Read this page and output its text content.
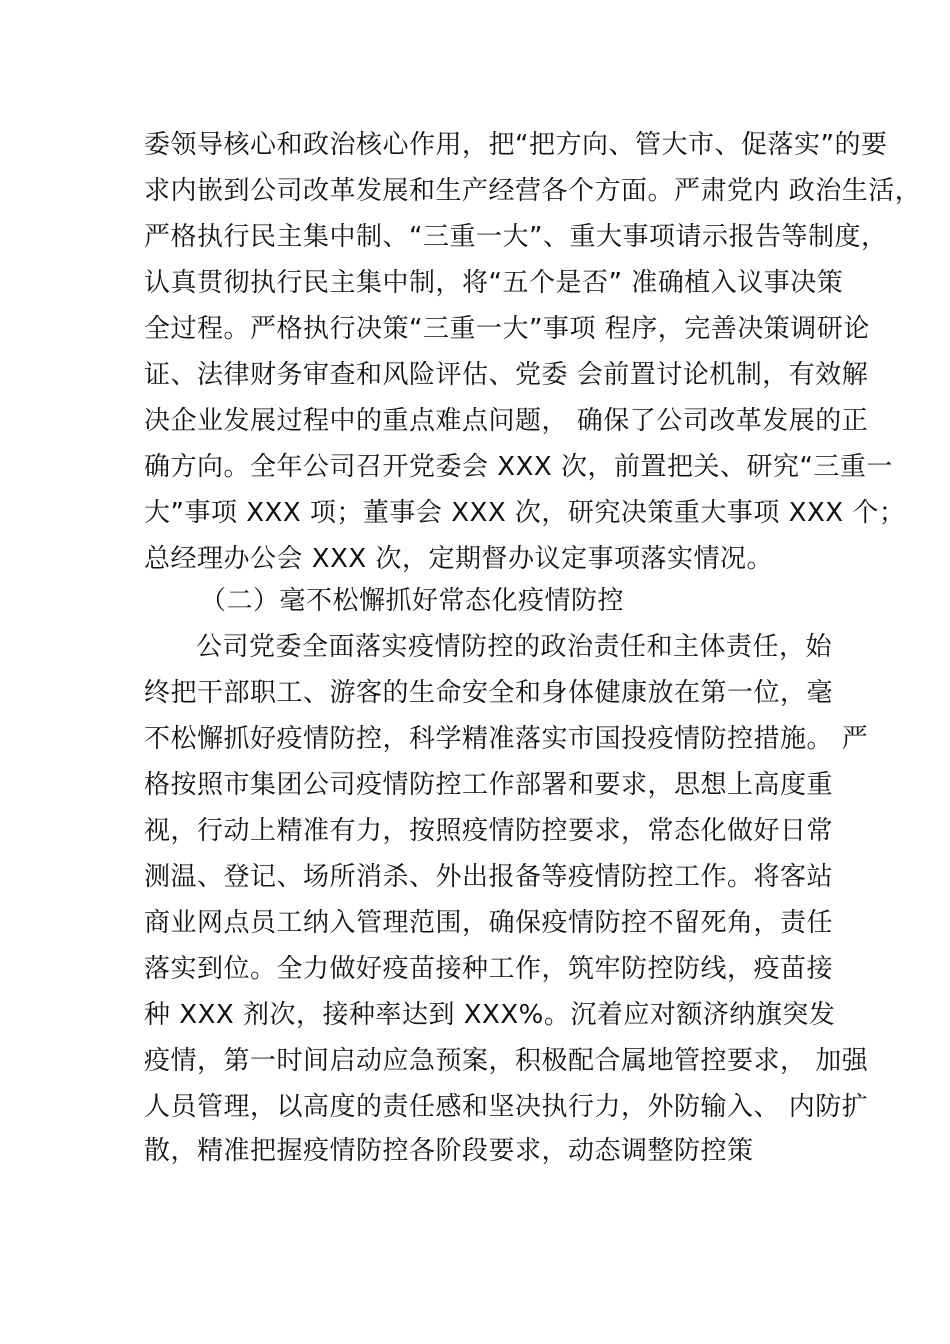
委领导核心和政治核心作用，把“把方向、管大市、促落实”的要
求内嵌到公司改革发展和生产经营各个方面。严肃党内 政治生活，
严格执行民主集中制、“三重一大”、重大事项请示报告等制度，
认真贯彻执行民主集中制，将“五个是否” 准确植入议事决策
全过程。严格执行决策“三重一大”事项 程序，完善决策调研论
证、法律财务审查和风险评估、党委 会前置讨论机制，有效解
决企业发展过程中的重点难点问题， 确保了公司改革发展的正
确方向。全年公司召开党委会 XXX 次，前置把关、研究“三重一
大”事项 XXX 项；董事会 XXX 次，研究决策重大事项 XXX 个；
总经理办公会 XXX 次，定期督办议定事项落实情况。
（二）毫不松懈抓好常态化疫情防控
公司党委全面落实疫情防控的政治责任和主体责任，始
终把干部职工、游客的生命安全和身体健康放在第一位，毫
不松懈抓好疫情防控，科学精准落实市国投疫情防控措施。 严
格按照市集团公司疫情防控工作部署和要求，思想上高度重
视，行动上精准有力，按照疫情防控要求，常态化做好日常
测温、登记、场所消杀、外出报备等疫情防控工作。将客站
商业网点员工纳入管理范围，确保疫情防控不留死角，责任
落实到位。全力做好疫苗接种工作，筑牢防控防线，疫苗接
种 XXX 剂次，接种率达到 XXX%。沉着应对额济纳旗突发
疫情，第一时间启动应急预案，积极配合属地管控要求， 加强
人员管理，以高度的责任感和坚决执行力，外防输入、 内防扩
散，精准把握疫情防控各阶段要求，动态调整防控策
